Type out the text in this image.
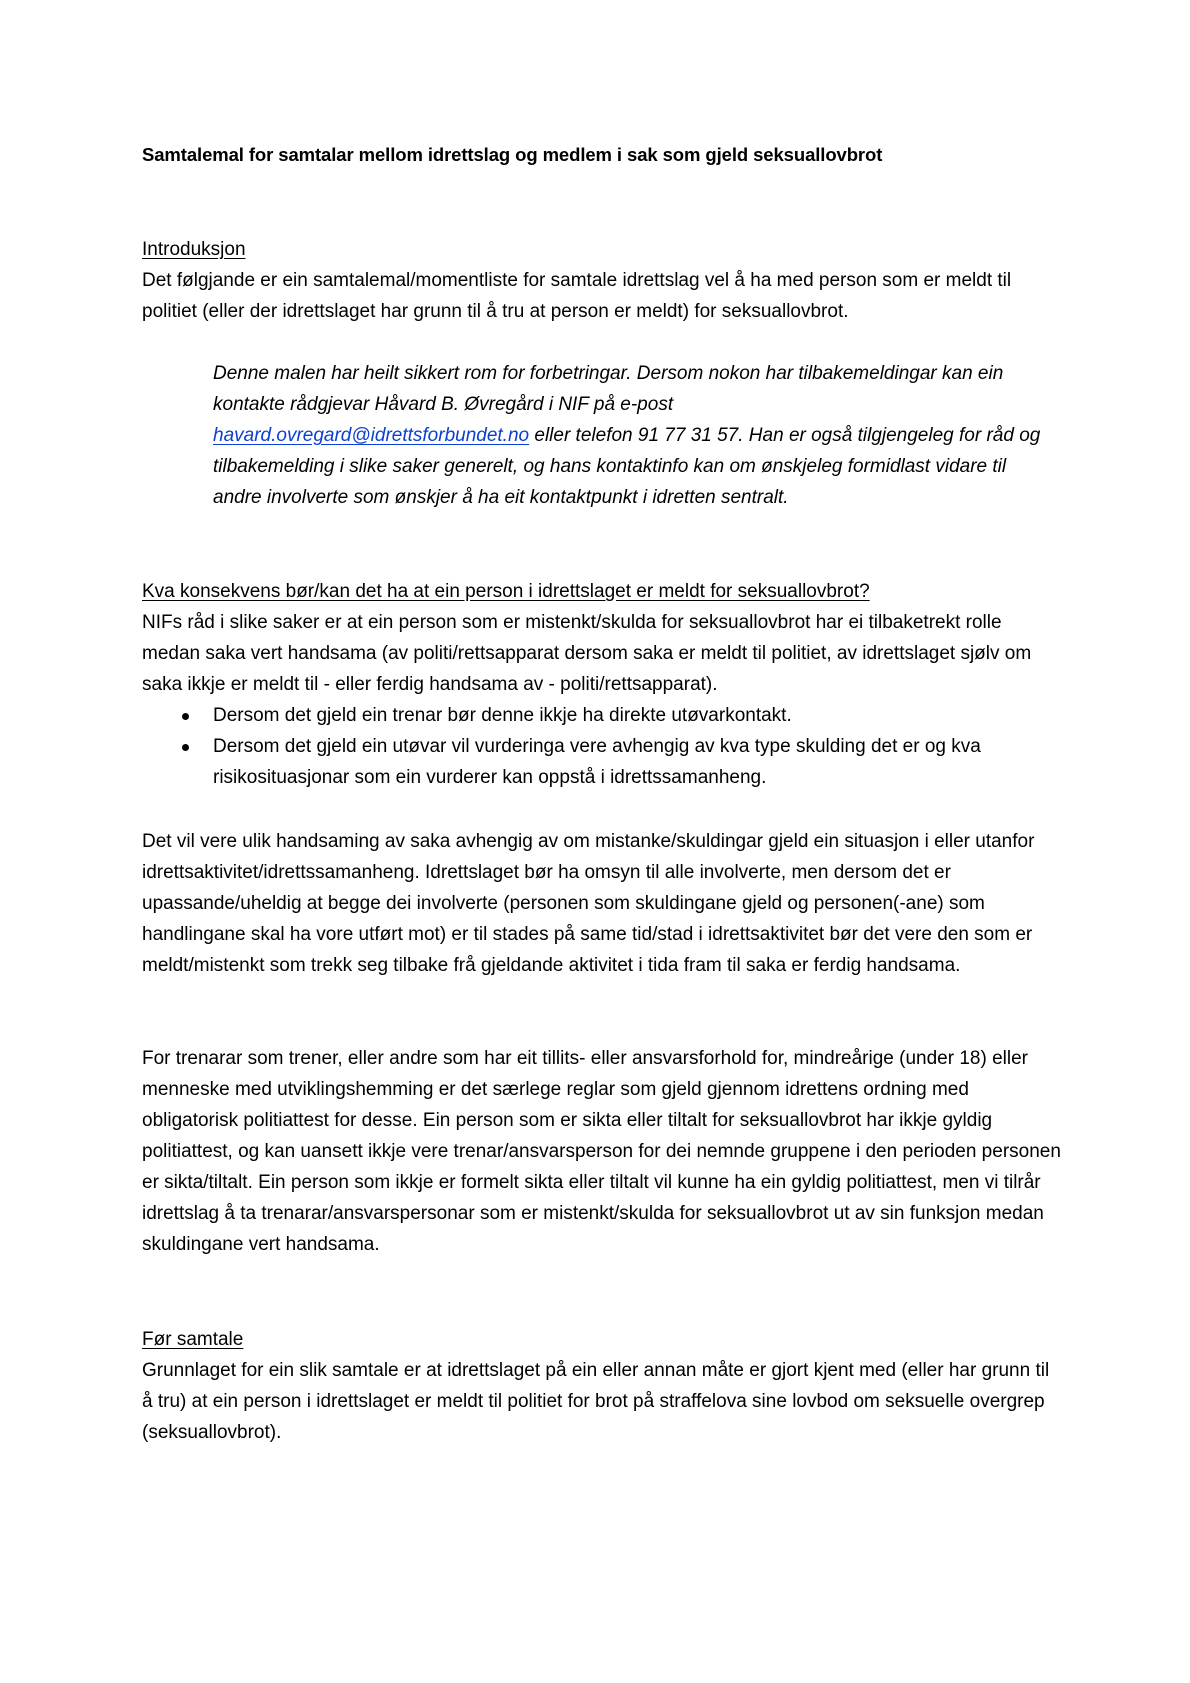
Samtalemal for samtalar mellom idrettslag og medlem i sak som gjeld seksuallovbrot
Introduksjon
Det følgjande er ein samtalemal/momentliste for samtale idrettslag vel å ha med person som er meldt til politiet (eller der idrettslaget har grunn til å tru at person er meldt) for seksuallovbrot.
Denne malen har heilt sikkert rom for forbetringar. Dersom nokon har tilbakemeldingar kan ein kontakte rådgjevar Håvard B. Øvregård i NIF på e-post
havard.ovregard@idrettsforbundet.no eller telefon 91 77 31 57. Han er også tilgjengeleg for råd og tilbakemelding i slike saker generelt, og hans kontaktinfo kan om ønskjeleg formidlast vidare til andre involverte som ønskjer å ha eit kontaktpunkt i idretten sentralt.
Kva konsekvens bør/kan det ha at ein person i idrettslaget er meldt for seksuallovbrot?
NIFs råd i slike saker er at ein person som er mistenkt/skulda for seksuallovbrot har ei tilbaketrekt rolle medan saka vert handsama (av politi/rettsapparat dersom saka er meldt til politiet, av idrettslaget sjølv om saka ikkje er meldt til - eller ferdig handsama av - politi/rettsapparat).
Dersom det gjeld ein trenar bør denne ikkje ha direkte utøvarkontakt.
Dersom det gjeld ein utøvar vil vurderinga vere avhengig av kva type skulding det er og kva risikosituasjonar som ein vurderer kan oppstå i idrettssamanheng.
Det vil vere ulik handsaming av saka avhengig av om mistanke/skuldingar gjeld ein situasjon i eller utanfor idrettsaktivitet/idrettssamanheng. Idrettslaget bør ha omsyn til alle involverte, men dersom det er upassande/uheldig at begge dei involverte (personen som skuldingane gjeld og personen(-ane) som handlingane skal ha vore utført mot) er til stades på same tid/stad i idrettsaktivitet bør det vere den som er meldt/mistenkt som trekk seg tilbake frå gjeldande aktivitet i tida fram til saka er ferdig handsama.
For trenarar som trener, eller andre som har eit tillits- eller ansvarsforhold for, mindreårige (under 18) eller menneske med utviklingshemming er det særlege reglar som gjeld gjennom idrettens ordning med obligatorisk politiattest for desse. Ein person som er sikta eller tiltalt for seksuallovbrot har ikkje gyldig politiattest, og kan uansett ikkje vere trenar/ansvarsperson for dei nemnde gruppene i den perioden personen er sikta/tiltalt. Ein person som ikkje er formelt sikta eller tiltalt vil kunne ha ein gyldig politiattest, men vi tilrår idrettslag å ta trenarar/ansvarspersonar som er mistenkt/skulda for seksuallovbrot ut av sin funksjon medan skuldingane vert handsama.
Før samtale
Grunnlaget for ein slik samtale er at idrettslaget på ein eller annan måte er gjort kjent med (eller har grunn til å tru) at ein person i idrettslaget er meldt til politiet for brot på straffelova sine lovbod om seksuelle overgrep (seksuallovbrot).
